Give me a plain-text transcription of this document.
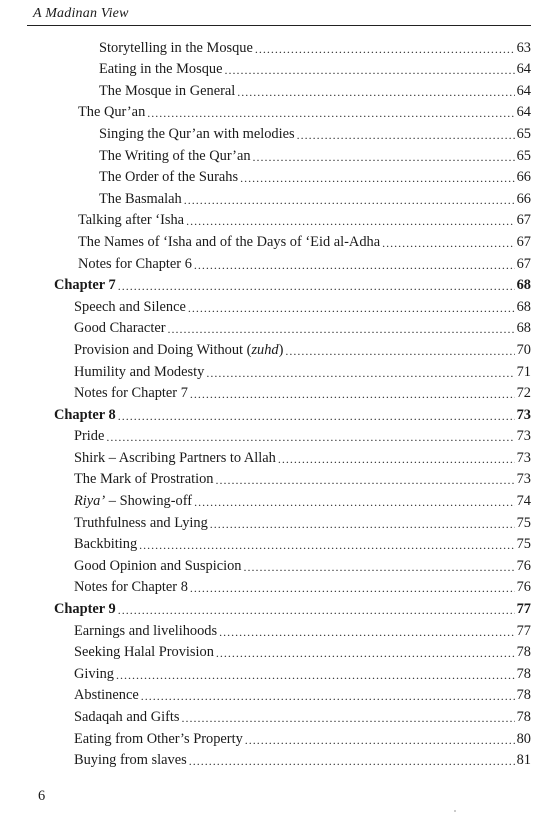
A Madinan View
Storytelling in the Mosque .....	63
Eating in the Mosque .....	64
The Mosque in General .....	64
The Qur’an .....	64
Singing the Qur’an with melodies .....	65
The Writing of the Qur’an .....	65
The Order of the Surahs .....	66
The Basmalah .....	66
Talking after ‘Isha .....	67
The Names of ‘Isha and of the Days of ‘Eid al-Adha .....	67
Notes for Chapter 6 .....	67
Chapter 7 .....	68
Speech and Silence .....	68
Good Character .....	68
Provision and Doing Without (zuhd) .....	70
Humility and Modesty .....	71
Notes for Chapter 7 .....	72
Chapter 8 .....	73
Pride .....	73
Shirk – Ascribing Partners to Allah .....	73
The Mark of Prostration .....	73
Riya’ – Showing-off .....	74
Truthfulness and Lying .....	75
Backbiting .....	75
Good Opinion and Suspicion .....	76
Notes for Chapter 8 .....	76
Chapter 9 .....	77
Earnings and livelihoods .....	77
Seeking Halal Provision .....	78
Giving .....	78
Abstinence .....	78
Sadaqah and Gifts .....	78
Eating from Other’s Property .....	80
Buying from slaves .....	81
6
